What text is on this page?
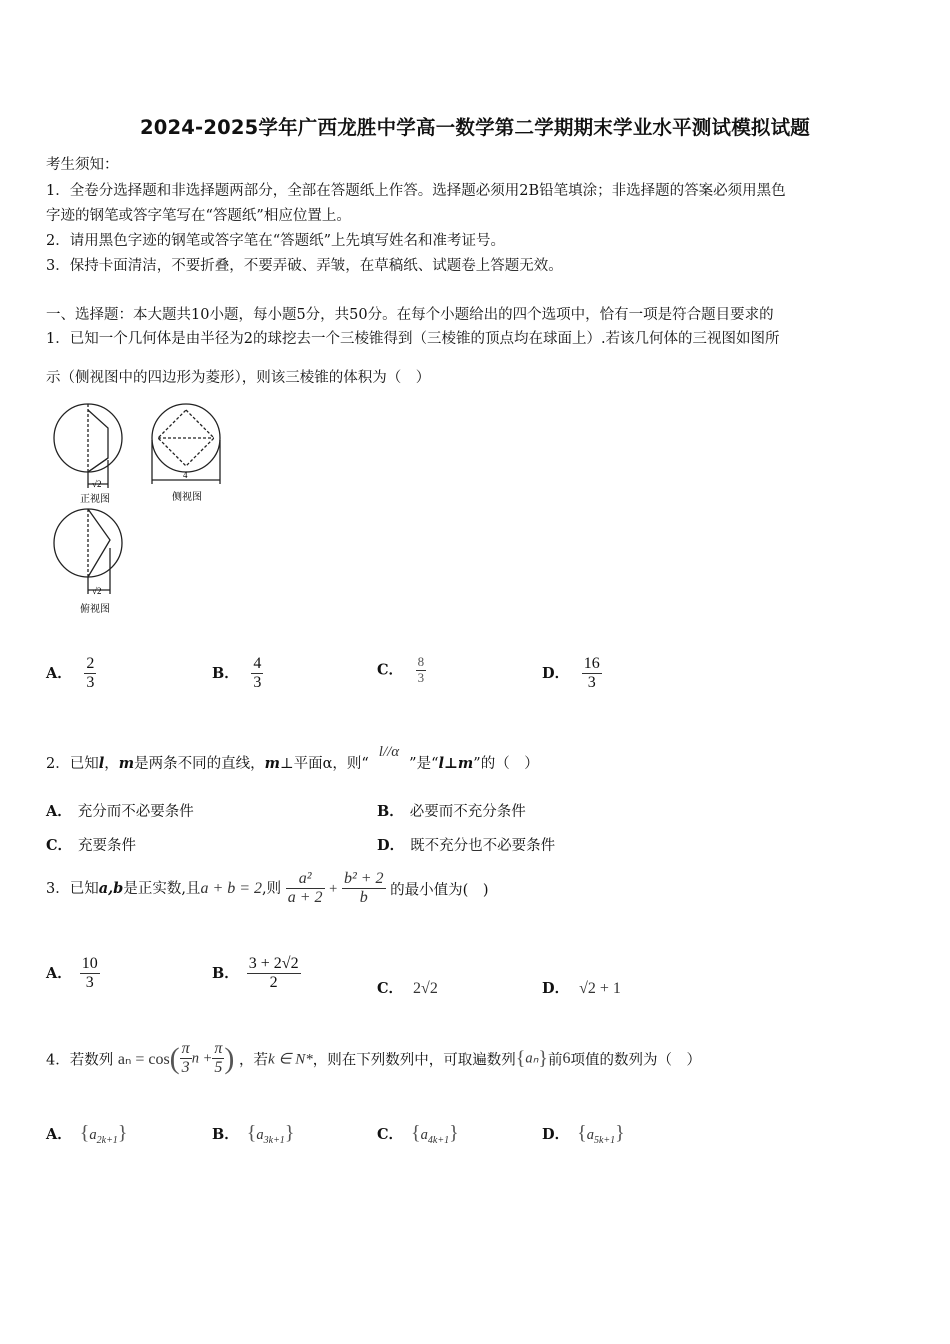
2024-2025学年广西龙胜中学高一数学第二学期期末学业水平测试模拟试题
考生须知：
1．全卷分选择题和非选择题两部分，全部在答题纸上作答。选择题必须用2B铅笔填涂；非选择题的答案必须用黑色
字迹的钢笔或答字笔写在“答题纸”相应位置上。
2．请用黑色字迹的钢笔或答字笔在“答题纸”上先填写姓名和准考证号。
3．保持卡面清洁，不要折叠，不要弄破、弄皱，在草稿纸、试题卷上答题无效。
一、选择题：本大题共10小题，每小题5分，共50分。在每个小题给出的四个选项中，恰有一项是符合题目要求的
1．已知一个几何体是由半径为2的球挖去一个三棱锥得到（三棱锥的顶点均在球面上）.若该几何体的三视图如图所
示（侧视图中的四边形为菱形），则该三棱锥的体积为（　）
√2
正视图
4
侧视图
√2
俯视图
A． $\frac{2}{3}$	B． $\frac{4}{3}$	C． $\frac{8}{3}$	D． $\frac{16}{3}$
2．已知l，m是两条不同的直线，m⊥平面α，则“l//α”是“l⊥m”的（　）
A． 充分而不必要条件	B． 必要而不充分条件
C． 充要条件	D． 既不充分也不必要条件
3．已知a,b是正实数,且a + b = 2,则 $\frac{\text{a²}}{a + 2} + \frac{\text{b² + 2}}{b}$ 的最小值为(　)
A． $\frac{10}{3}$	B． $\frac{3 + 2√2}{2}$	C． 2√2	D． √2 + 1
4．若数列 $a_n = \cos( \frac{\pi}{3}$ $n + \frac{\pi}{5}$ ) ，若k ∈ N*，则在下列数列中，可取遍数列{aₙ}前6项值的数列为（　）
A． $\{a_{2k+1}\}$	B． $\{a_{3k+1}\}$	C． $\{a_{4k+1}\}$	D． $\{a_{5k+1}\}$
